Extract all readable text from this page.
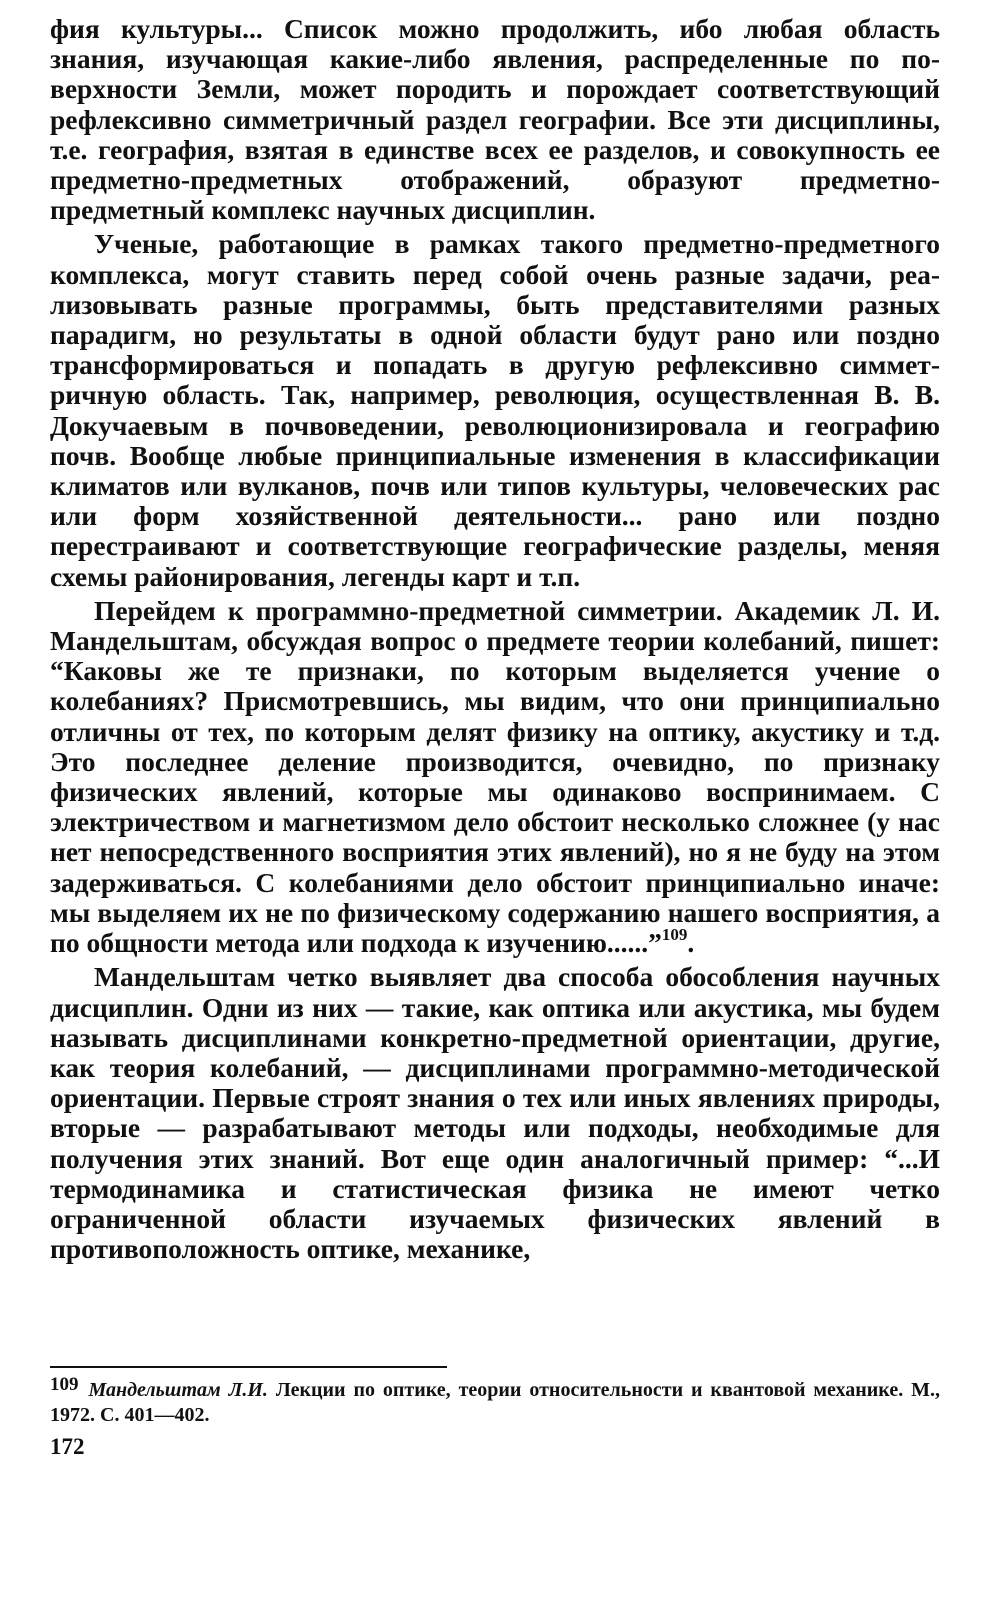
фия культуры... Список можно продолжить, ибо любая область знания, изучающая какие-либо явления, распределенные по поверхности Земли, может породить и порождает соответствующий рефлексивно симметричный раздел географии. Все эти дисциплины, т.е. география, взятая в единстве всех ее разделов, и совокупность ее предметно-предметных отображений, образуют предметно-предметный комплекс научных дисциплин.

Ученые, работающие в рамках такого предметно-предметного комплекса, могут ставить перед собой очень разные задачи, реализовывать разные программы, быть представителями разных парадигм, но результаты в одной области будут рано или поздно трансформироваться и попадать в другую рефлексивно симметричную область. Так, например, революция, осуществленная В. В. Докучаевым в почвоведении, революционизировала и географию почв. Вообще любые принципиальные изменения в классификации климатов или вулканов, почв или типов культуры, человеческих рас или форм хозяйственной деятельности... рано или поздно перестраивают и соответствующие географические разделы, меняя схемы районирования, легенды карт и т.п.

Перейдем к программно-предметной симметрии. Академик Л. И. Мандельштам, обсуждая вопрос о предмете теории колебаний, пишет: “Каковы же те признаки, по которым выделяется учение о колебаниях? Присмотревшись, мы видим, что они принципиально отличны от тех, по которым делят физику на оптику, акустику и т.д. Это последнее деление производится, очевидно, по признаку физических явлений, которые мы одинаково воспринимаем. С электричеством и магнетизмом дело обстоит несколько сложнее (у нас нет непосредственного восприятия этих явлений), но я не буду на этом задерживаться. С колебаниями дело обстоит принципиально иначе: мы выделяем их не по физическому содержанию нашего восприятия, а по общности метода или подхода к изучению......”$^{109}$.

Мандельштам четко выявляет два способа обособления научных дисциплин. Одни из них — такие, как оптика или акустика, мы будем называть дисциплинами конкретно-предметной ориентации, другие, как теория колебаний, — дисциплинами программно-методической ориентации. Первые строят знания о тех или иных явлениях природы, вторые — разрабатывают методы или подходы, необходимые для получения этих знаний. Вот еще один аналогичный пример: “...И термодинамика и статистическая физика не имеют четко ограниченной области изучаемых физических явлений в противоположность оптике, механике,

109 Мандельштам Л.И. Лекции по оптике, теории относительности и квантовой механике. М., 1972. С. 401—402.
172
